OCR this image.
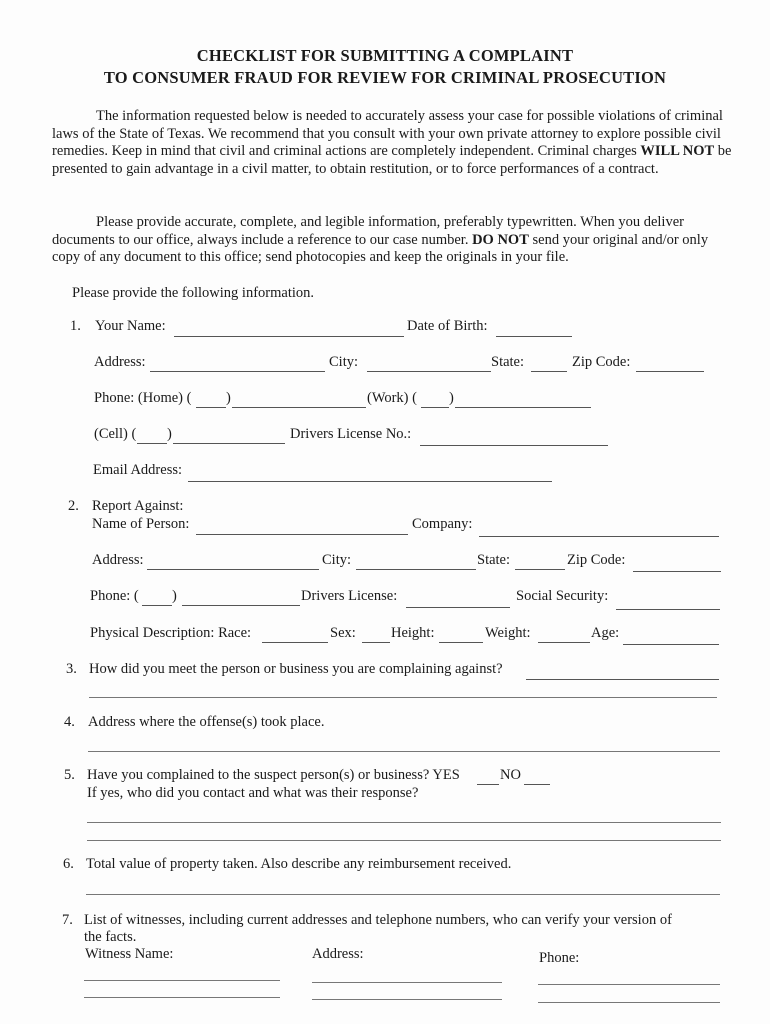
CHECKLIST FOR SUBMITTING A COMPLAINT
TO CONSUMER FRAUD FOR REVIEW FOR CRIMINAL PROSECUTION
The information requested below is needed to accurately assess your case for possible violations of criminal laws of the State of Texas. We recommend that you consult with your own private attorney to explore possible civil remedies. Keep in mind that civil and criminal actions are completely independent. Criminal charges WILL NOT be presented to gain advantage in a civil matter, to obtain restitution, or to force performances of a contract.
Please provide accurate, complete, and legible information, preferably typewritten. When you deliver documents to our office, always include a reference to our case number. DO NOT send your original and/or only copy of any document to this office; send photocopies and keep the originals in your file.
Please provide the following information.
1. Your Name:	Date of Birth:
Address:	City:	State:	Zip Code:
Phone: (Home) ( )	(Work) ( )
(Cell) ( )	Drivers License No.:
Email Address:
2. Report Against:
Name of Person:	Company:
Address:	City:	State:	Zip Code:
Phone: ( )	Drivers License:	Social Security:
Physical Description: Race:	Sex: Height:	Weight:	Age:
3. How did you meet the person or business you are complaining against?
4. Address where the offense(s) took place.
5. Have you complained to the suspect person(s) or business? YES	NO
If yes, who did you contact and what was their response?
6. Total value of property taken. Also describe any reimbursement received.
7. List of witnesses, including current addresses and telephone numbers, who can verify your version of
the facts.
Witness Name:	Address:	Phone:
